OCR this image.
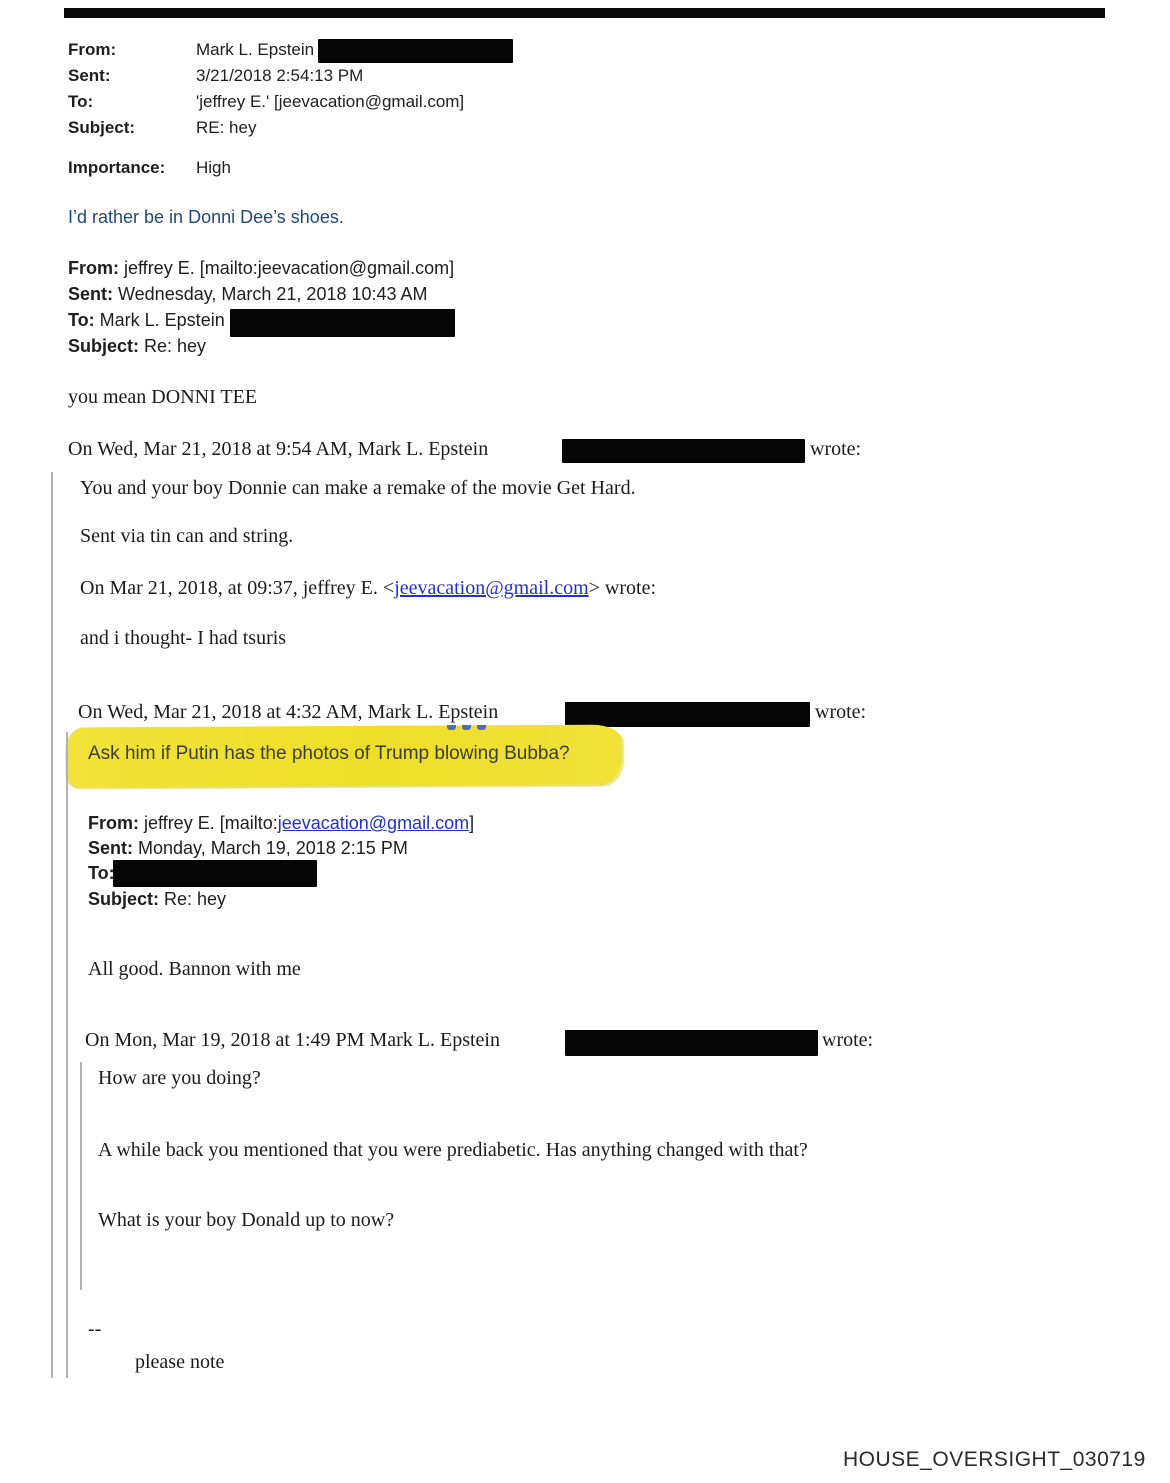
From:	Mark L. Epstein
Sent:	3/21/2018 2:54:13 PM
To:	'jeffrey E.' [jeevacation@gmail.com]
Subject:	RE: hey
Importance: High
I’d rather be in Donni Dee’s shoes.
From: jeffrey E. [mailto:jeevacation@gmail.com]
Sent: Wednesday, March 21, 2018 10:43 AM
To: Mark L. Epstein
Subject: Re: hey
you mean DONNI TEE
On Wed, Mar 21, 2018 at 9:54 AM, Mark L. Epstein	wrote:
You and your boy Donnie can make a remake of the movie Get Hard.
Sent via tin can and string.
On Mar 21, 2018, at 09:37, jeffrey E. <jeevacation@gmail.com> wrote:
and i thought- I had tsuris
On Wed, Mar 21, 2018 at 4:32 AM, Mark L. Epstein	wrote:
Ask him if Putin has the photos of Trump blowing Bubba?
From: jeffrey E. [mailto:jeevacation@gmail.com]
Sent: Monday, March 19, 2018 2:15 PM
To:
Subject: Re: hey
All good. Bannon with me
On Mon, Mar 19, 2018 at 1:49 PM Mark L. Epstein	wrote:
How are you doing?
A while back you mentioned that you were prediabetic. Has anything changed with that?
What is your boy Donald up to now?
--
please note
HOUSE_OVERSIGHT_030719
